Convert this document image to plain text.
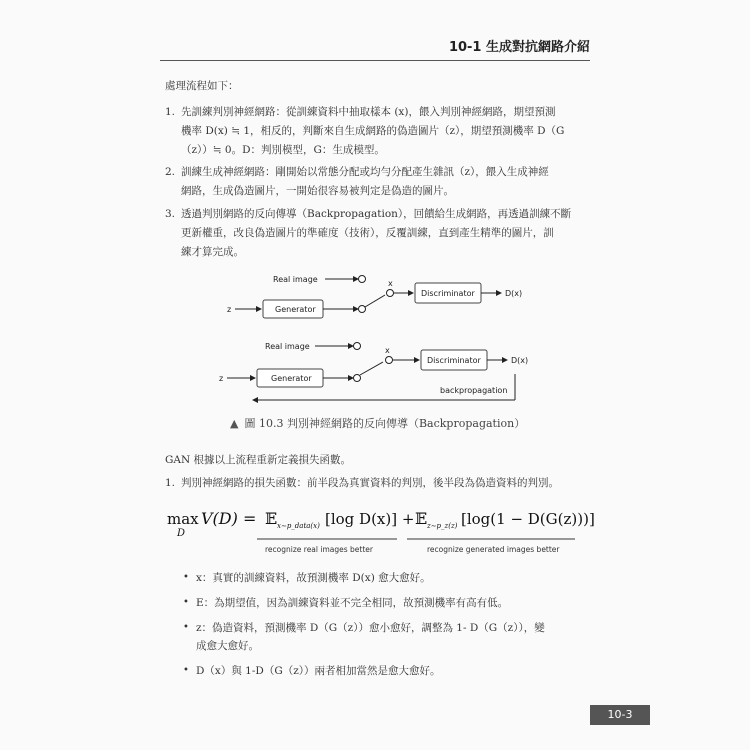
10-1 生成對抗網路介紹
處理流程如下：
1. 先訓練判別神經網路：從訓練資料中抽取樣本 (x)，餵入判別神經網路，期望預測
機率 D(x) ≒ 1，相反的，判斷來自生成網路的偽造圖片（z），期望預測機率 D（G
（z））≒ 0。D：判別模型，G：生成模型。
2. 訓練生成神經網路：剛開始以常態分配或均勻分配產生雜訊（z），餵入生成神經
網路，生成偽造圖片，一開始很容易被判定是偽造的圖片。
3. 透過判別網路的反向傳導（Backpropagation），回饋給生成網路，再透過訓練不斷
更新權重，改良偽造圖片的準確度（技術），反覆訓練，直到產生精準的圖片，訓
練才算完成。
Real image
z	Generator
x
Discriminator	D(x)
Real image
z	Generator
x
Discriminator	D(x)
backpropagation
▲ 圖 10.3 判別神經網路的反向傳導（Backpropagation）
GAN 根據以上流程重新定義損失函數。
1. 判別神經網路的損失函數：前半段為真實資料的判別，後半段為偽造資料的判別。
max
D
V(D) = 𝔼 x∼p_data(x) [log D(x)] + 𝔼 z∼p_z(z) [log(1 − D(G(z)))]
recognize real images better	recognize generated images better
• x：真實的訓練資料，故預測機率 D(x) 愈大愈好。
• E：為期望值，因為訓練資料並不完全相同，故預測機率有高有低。
• z：偽造資料，預測機率 D（G（z））愈小愈好，調整為 1- D（G（z）），變
成愈大愈好。
• D（x）與 1-D（G（z））兩者相加當然是愈大愈好。
10-3
